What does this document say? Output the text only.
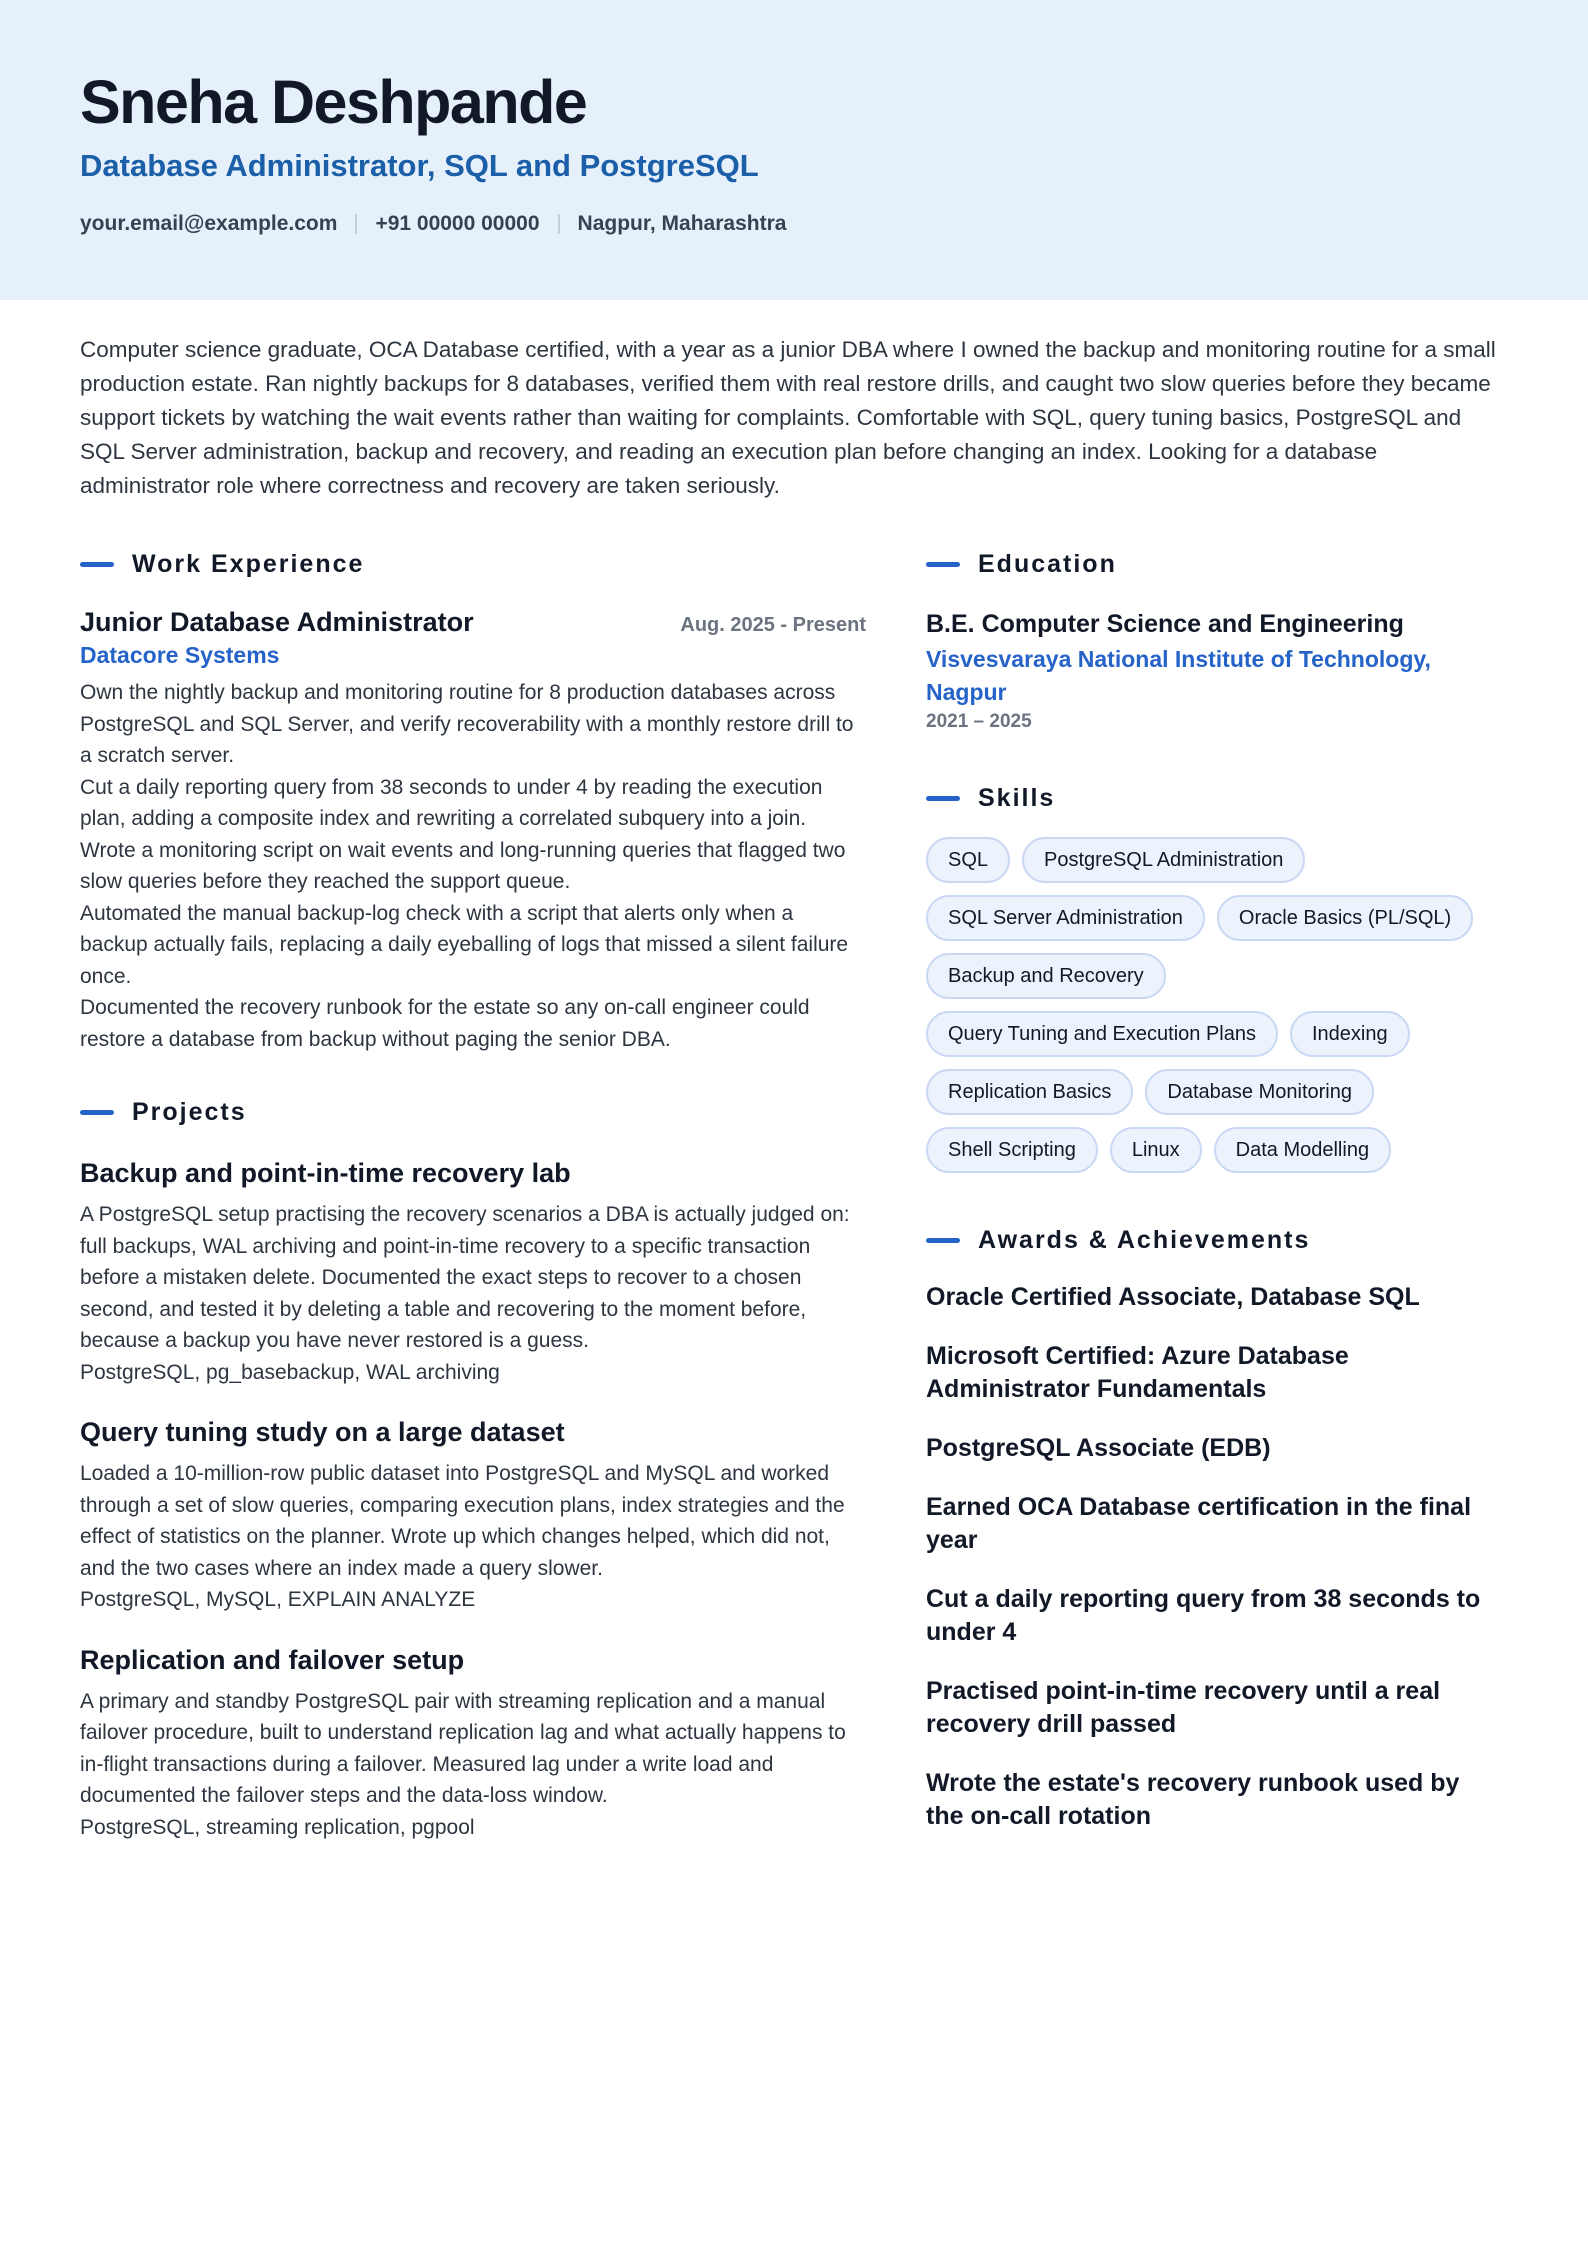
Sneha Deshpande
Database Administrator, SQL and PostgreSQL
your.email@example.com +91 00000 00000 Nagpur, Maharashtra
Computer science graduate, OCA Database certified, with a year as a junior DBA where I owned the backup and monitoring routine for a small production estate. Ran nightly backups for 8 databases, verified them with real restore drills, and caught two slow queries before they became support tickets by watching the wait events rather than waiting for complaints. Comfortable with SQL, query tuning basics, PostgreSQL and SQL Server administration, backup and recovery, and reading an execution plan before changing an index. Looking for a database administrator role where correctness and recovery are taken seriously.
Work Experience
Junior Database Administrator	Aug. 2025 - Present
Datacore Systems
Own the nightly backup and monitoring routine for 8 production databases across PostgreSQL and SQL Server, and verify recoverability with a monthly restore drill to a scratch server.
Cut a daily reporting query from 38 seconds to under 4 by reading the execution plan, adding a composite index and rewriting a correlated subquery into a join.
Wrote a monitoring script on wait events and long-running queries that flagged two slow queries before they reached the support queue.
Automated the manual backup-log check with a script that alerts only when a backup actually fails, replacing a daily eyeballing of logs that missed a silent failure once.
Documented the recovery runbook for the estate so any on-call engineer could restore a database from backup without paging the senior DBA.
Projects
Backup and point-in-time recovery lab
A PostgreSQL setup practising the recovery scenarios a DBA is actually judged on: full backups, WAL archiving and point-in-time recovery to a specific transaction before a mistaken delete. Documented the exact steps to recover to a chosen second, and tested it by deleting a table and recovering to the moment before, because a backup you have never restored is a guess.
PostgreSQL, pg_basebackup, WAL archiving
Query tuning study on a large dataset
Loaded a 10-million-row public dataset into PostgreSQL and MySQL and worked through a set of slow queries, comparing execution plans, index strategies and the effect of statistics on the planner. Wrote up which changes helped, which did not, and the two cases where an index made a query slower.
PostgreSQL, MySQL, EXPLAIN ANALYZE
Replication and failover setup
A primary and standby PostgreSQL pair with streaming replication and a manual failover procedure, built to understand replication lag and what actually happens to in-flight transactions during a failover. Measured lag under a write load and documented the failover steps and the data-loss window.
PostgreSQL, streaming replication, pgpool
Education
B.E. Computer Science and Engineering
Visvesvaraya National Institute of Technology, Nagpur
2021 – 2025
Skills
SQL	PostgreSQL Administration
SQL Server Administration	Oracle Basics (PL/SQL)
Backup and Recovery
Query Tuning and Execution Plans	Indexing
Replication Basics	Database Monitoring
Shell Scripting	Linux	Data Modelling
Awards & Achievements
Oracle Certified Associate, Database SQL
Microsoft Certified: Azure Database Administrator Fundamentals
PostgreSQL Associate (EDB)
Earned OCA Database certification in the final year
Cut a daily reporting query from 38 seconds to under 4
Practised point-in-time recovery until a real recovery drill passed
Wrote the estate's recovery runbook used by the on-call rotation
